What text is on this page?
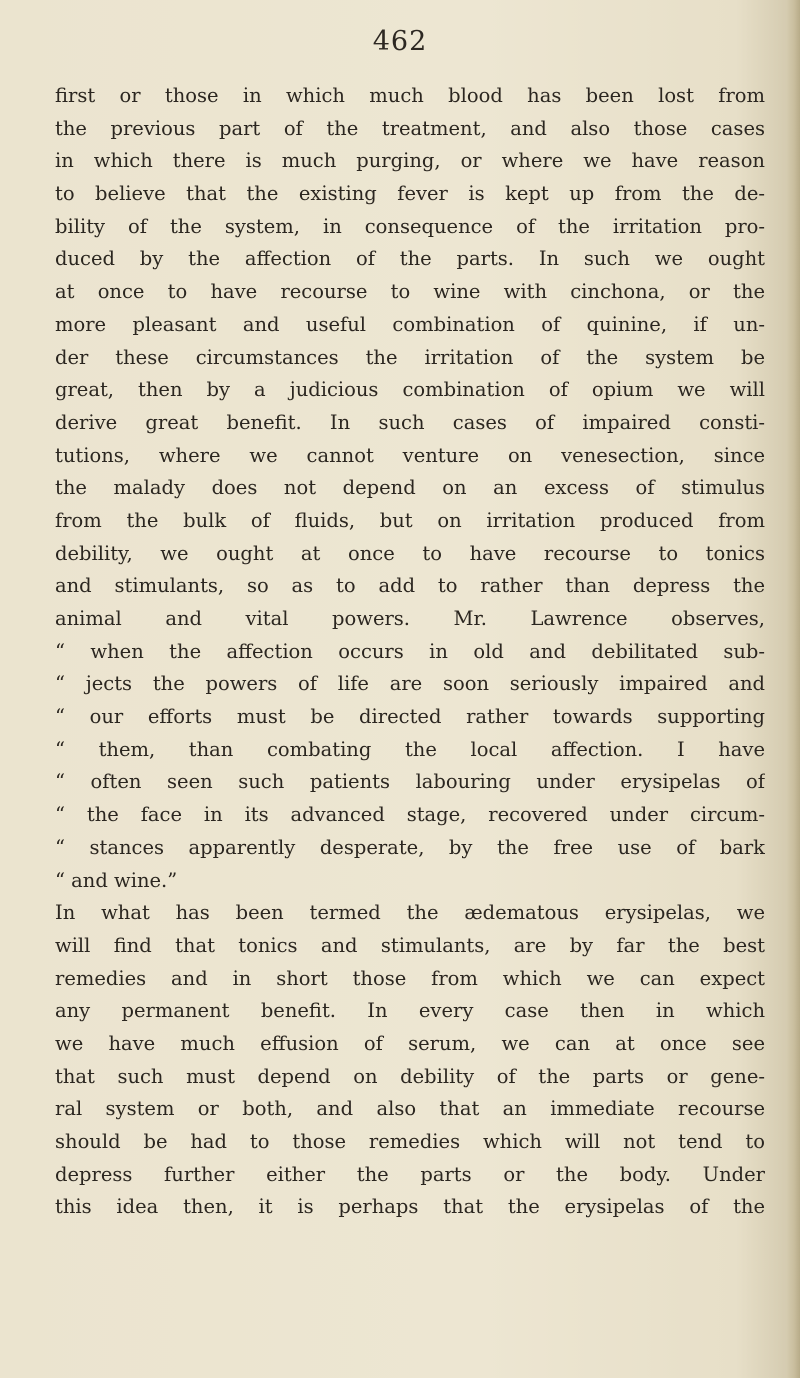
462
first or those in which much blood has been lost from
the previous part of the treatment, and also those cases
in which there is much purging, or where we have reason
to believe that the existing fever is kept up from the de-
bility of the system, in consequence of the irritation pro-
duced by the affection of the parts. In such we ought
at once to have recourse to wine with cinchona, or the
more pleasant and useful combination of quinine, if un-
der these circumstances the irritation of the system be
great, then by a judicious combination of opium we will
derive great benefit. In such cases of impaired consti-
tutions, where we cannot venture on venesection, since
the malady does not depend on an excess of stimulus
from the bulk of fluids, but on irritation produced from
debility, we ought at once to have recourse to tonics
and stimulants, so as to add to rather than depress the
animal and vital powers. Mr. Lawrence observes,
“ when the affection occurs in old and debilitated sub-
“ jects the powers of life are soon seriously impaired and
“ our efforts must be directed rather towards supporting
“ them, than combating the local affection. I have
“ often seen such patients labouring under erysipelas of
“ the face in its advanced stage, recovered under circum-
“ stances apparently desperate, by the free use of bark
“ and wine.”
In what has been termed the ædematous erysipelas, we
will find that tonics and stimulants, are by far the best
remedies and in short those from which we can expect
any permanent benefit. In every case then in which
we have much effusion of serum, we can at once see
that such must depend on debility of the parts or gene-
ral system or both, and also that an immediate recourse
should be had to those remedies which will not tend to
depress further either the parts or the body. Under
this idea then, it is perhaps that the erysipelas of the
